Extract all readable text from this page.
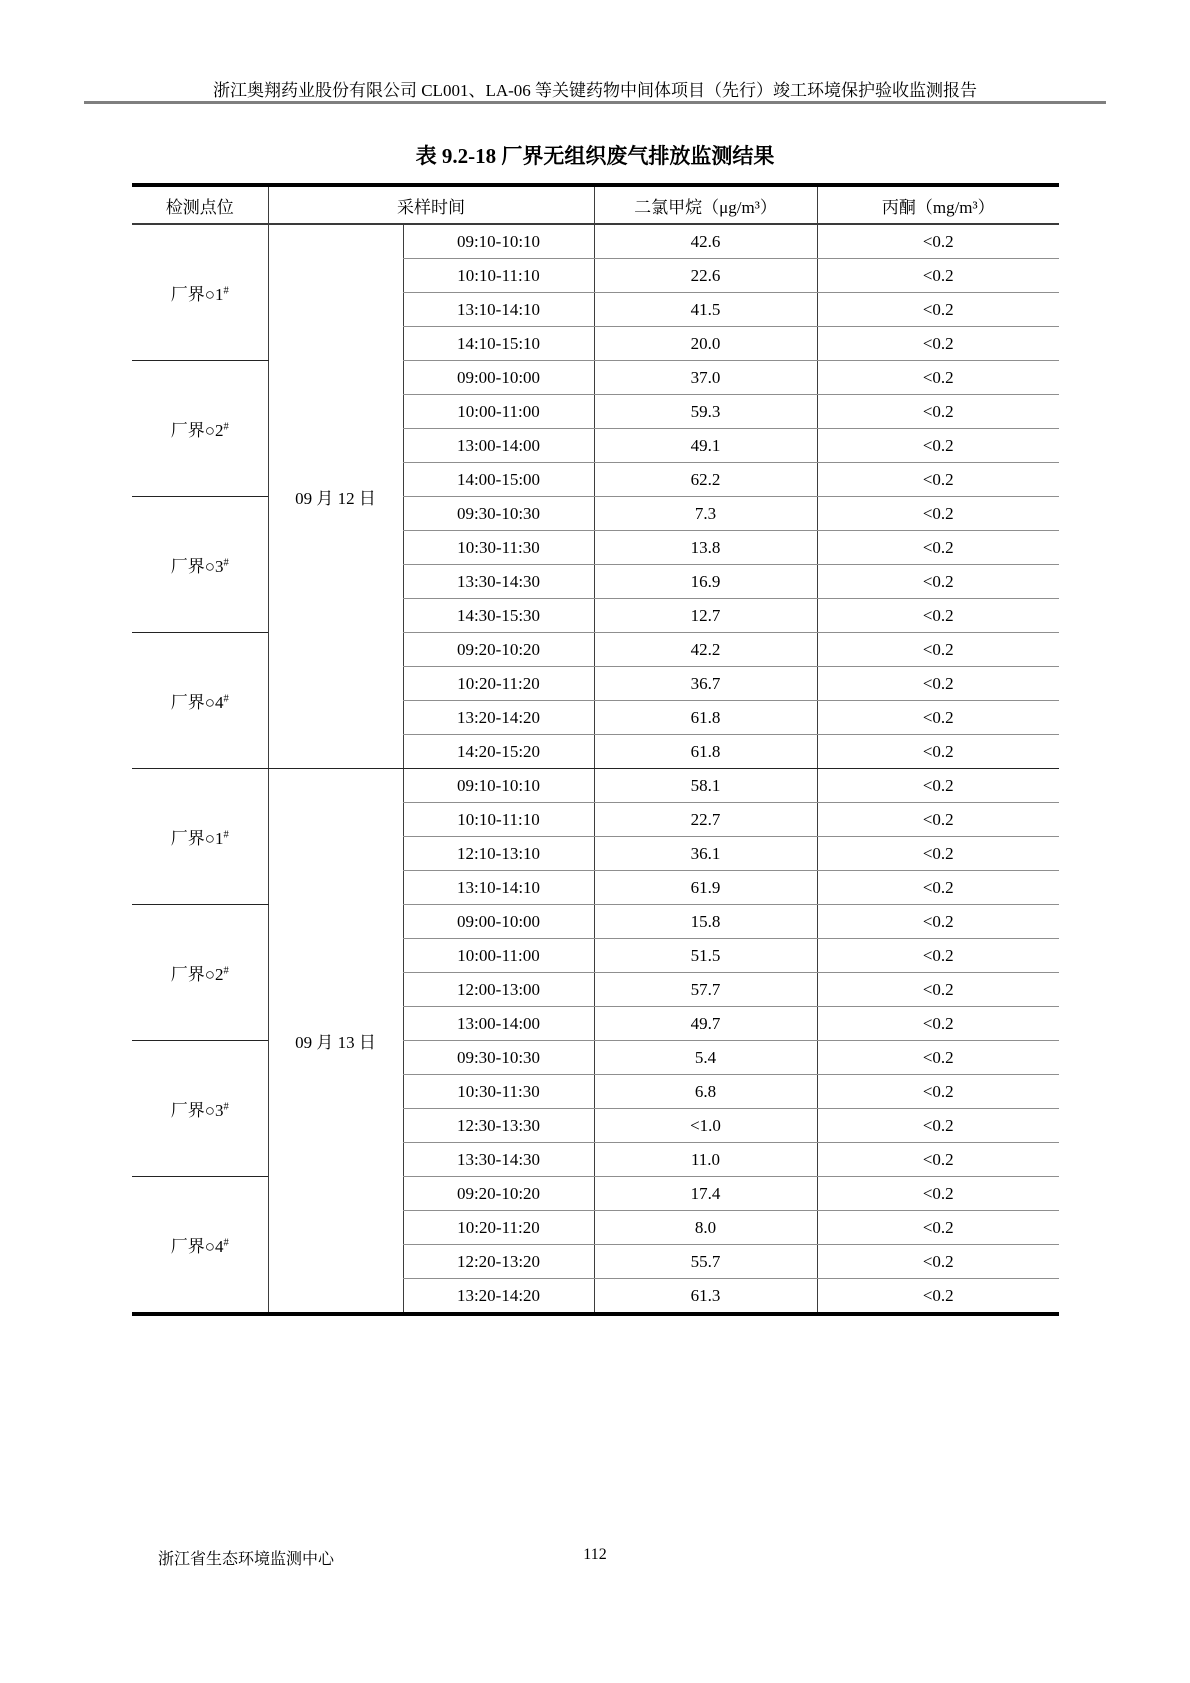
浙江奥翔药业股份有限公司 CL001、LA-06 等关键药物中间体项目（先行）竣工环境保护验收监测报告
表 9.2-18 厂界无组织废气排放监测结果
检测点位	采样时间		二氯甲烷（μg/m³）	丙酮（mg/m³）
厂界○1#	09 月 12 日	09:10-10:10	42.6	<0.2
		10:10-11:10	22.6	<0.2
		13:10-14:10	41.5	<0.2
		14:10-15:10	20.0	<0.2
厂界○2#		09:00-10:00	37.0	<0.2
		10:00-11:00	59.3	<0.2
		13:00-14:00	49.1	<0.2
		14:00-15:00	62.2	<0.2
厂界○3#		09:30-10:30	7.3	<0.2
		10:30-11:30	13.8	<0.2
		13:30-14:30	16.9	<0.2
		14:30-15:30	12.7	<0.2
厂界○4#		09:20-10:20	42.2	<0.2
		10:20-11:20	36.7	<0.2
		13:20-14:20	61.8	<0.2
		14:20-15:20	61.8	<0.2
厂界○1#	09 月 13 日	09:10-10:10	58.1	<0.2
		10:10-11:10	22.7	<0.2
		12:10-13:10	36.1	<0.2
		13:10-14:10	61.9	<0.2
厂界○2#		09:00-10:00	15.8	<0.2
		10:00-11:00	51.5	<0.2
		12:00-13:00	57.7	<0.2
		13:00-14:00	49.7	<0.2
厂界○3#		09:30-10:30	5.4	<0.2
		10:30-11:30	6.8	<0.2
		12:30-13:30	<1.0	<0.2
		13:30-14:30	11.0	<0.2
厂界○4#		09:20-10:20	17.4	<0.2
		10:20-11:20	8.0	<0.2
		12:20-13:20	55.7	<0.2
		13:20-14:20	61.3	<0.2
浙江省生态环境监测中心	112
